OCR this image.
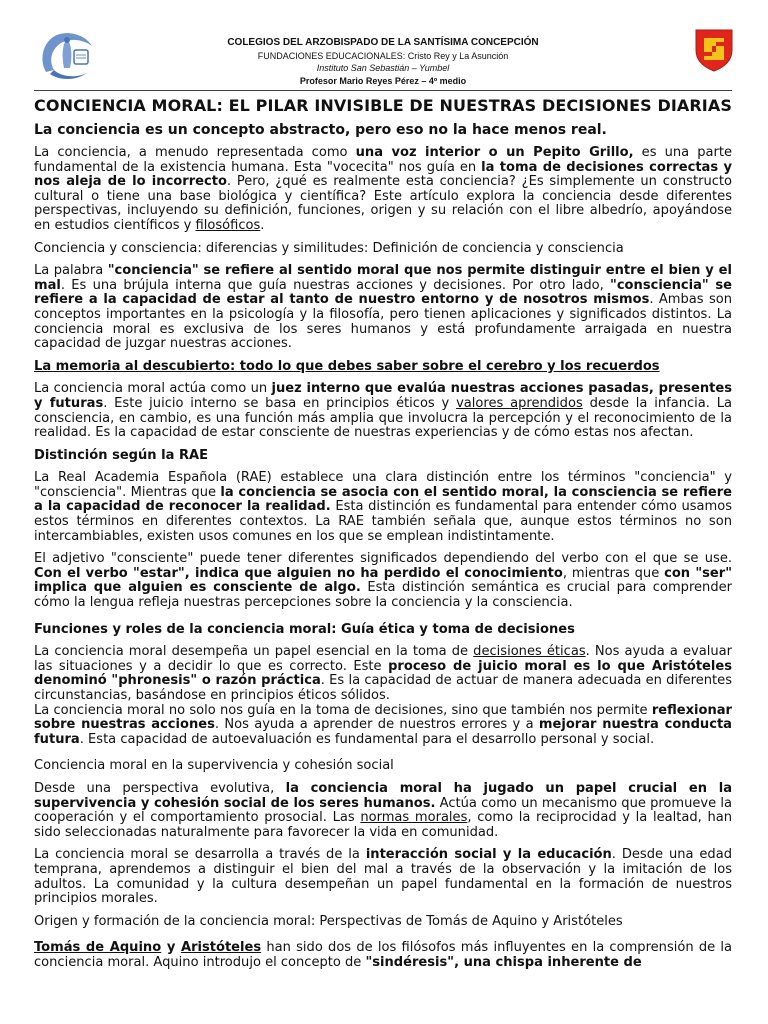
COLEGIOS DEL ARZOBISPADO DE LA SANTÍSIMA CONCEPCIÓN
FUNDACIONES EDUCACIONALES: Cristo Rey y La Asunción
Instituto San Sebastián – Yumbel
Profesor Mario Reyes Pérez – 4º medio
CONCIENCIA MORAL: EL PILAR INVISIBLE DE NUESTRAS DECISIONES DIARIAS
La conciencia es un concepto abstracto, pero eso no la hace menos real.

La conciencia, a menudo representada como una voz interior o un Pepito Grillo, es una parte fundamental de la existencia humana. Esta "vocecita" nos guía en la toma de decisiones correctas y nos aleja de lo incorrecto. Pero, ¿qué es realmente esta conciencia? ¿Es simplemente un constructo cultural o tiene una base biológica y científica? Este artículo explora la conciencia desde diferentes perspectivas, incluyendo su definición, funciones, origen y su relación con el libre albedrío, apoyándose en estudios científicos y filosóficos.

Conciencia y consciencia: diferencias y similitudes: Definición de conciencia y consciencia

La palabra "conciencia" se refiere al sentido moral que nos permite distinguir entre el bien y el mal. Es una brújula interna que guía nuestras acciones y decisiones. Por otro lado, "consciencia" se refiere a la capacidad de estar al tanto de nuestro entorno y de nosotros mismos. Ambas son conceptos importantes en la psicología y la filosofía, pero tienen aplicaciones y significados distintos. La conciencia moral es exclusiva de los seres humanos y está profundamente arraigada en nuestra capacidad de juzgar nuestras acciones.

La memoria al descubierto: todo lo que debes saber sobre el cerebro y los recuerdos

La conciencia moral actúa como un juez interno que evalúa nuestras acciones pasadas, presentes y futuras. Este juicio interno se basa en principios éticos y valores aprendidos desde la infancia. La consciencia, en cambio, es una función más amplia que involucra la percepción y el reconocimiento de la realidad. Es la capacidad de estar consciente de nuestras experiencias y de cómo estas nos afectan.

Distinción según la RAE

La Real Academia Española (RAE) establece una clara distinción entre los términos "conciencia" y "consciencia". Mientras que la conciencia se asocia con el sentido moral, la consciencia se refiere a la capacidad de reconocer la realidad. Esta distinción es fundamental para entender cómo usamos estos términos en diferentes contextos. La RAE también señala que, aunque estos términos no son intercambiables, existen usos comunes en los que se emplean indistintamente.

El adjetivo "consciente" puede tener diferentes significados dependiendo del verbo con el que se use. Con el verbo "estar", indica que alguien no ha perdido el conocimiento, mientras que con "ser" implica que alguien es consciente de algo. Esta distinción semántica es crucial para comprender cómo la lengua refleja nuestras percepciones sobre la conciencia y la consciencia.

Funciones y roles de la conciencia moral: Guía ética y toma de decisiones

La conciencia moral desempeña un papel esencial en la toma de decisiones éticas. Nos ayuda a evaluar las situaciones y a decidir lo que es correcto. Este proceso de juicio moral es lo que Aristóteles denominó "phronesis" o razón práctica. Es la capacidad de actuar de manera adecuada en diferentes circunstancias, basándose en principios éticos sólidos.

La conciencia moral no solo nos guía en la toma de decisiones, sino que también nos permite reflexionar sobre nuestras acciones. Nos ayuda a aprender de nuestros errores y a mejorar nuestra conducta futura. Esta capacidad de autoevaluación es fundamental para el desarrollo personal y social.

Conciencia moral en la supervivencia y cohesión social

Desde una perspectiva evolutiva, la conciencia moral ha jugado un papel crucial en la supervivencia y cohesión social de los seres humanos. Actúa como un mecanismo que promueve la cooperación y el comportamiento prosocial. Las normas morales, como la reciprocidad y la lealtad, han sido seleccionadas naturalmente para favorecer la vida en comunidad.

La conciencia moral se desarrolla a través de la interacción social y la educación. Desde una edad temprana, aprendemos a distinguir el bien del mal a través de la observación y la imitación de los adultos. La comunidad y la cultura desempeñan un papel fundamental en la formación de nuestros principios morales.

Origen y formación de la conciencia moral: Perspectivas de Tomás de Aquino y Aristóteles

Tomás de Aquino y Aristóteles han sido dos de los filósofos más influyentes en la comprensión de la conciencia moral. Aquino introdujo el concepto de "sindéresis", una chispa inherente de
